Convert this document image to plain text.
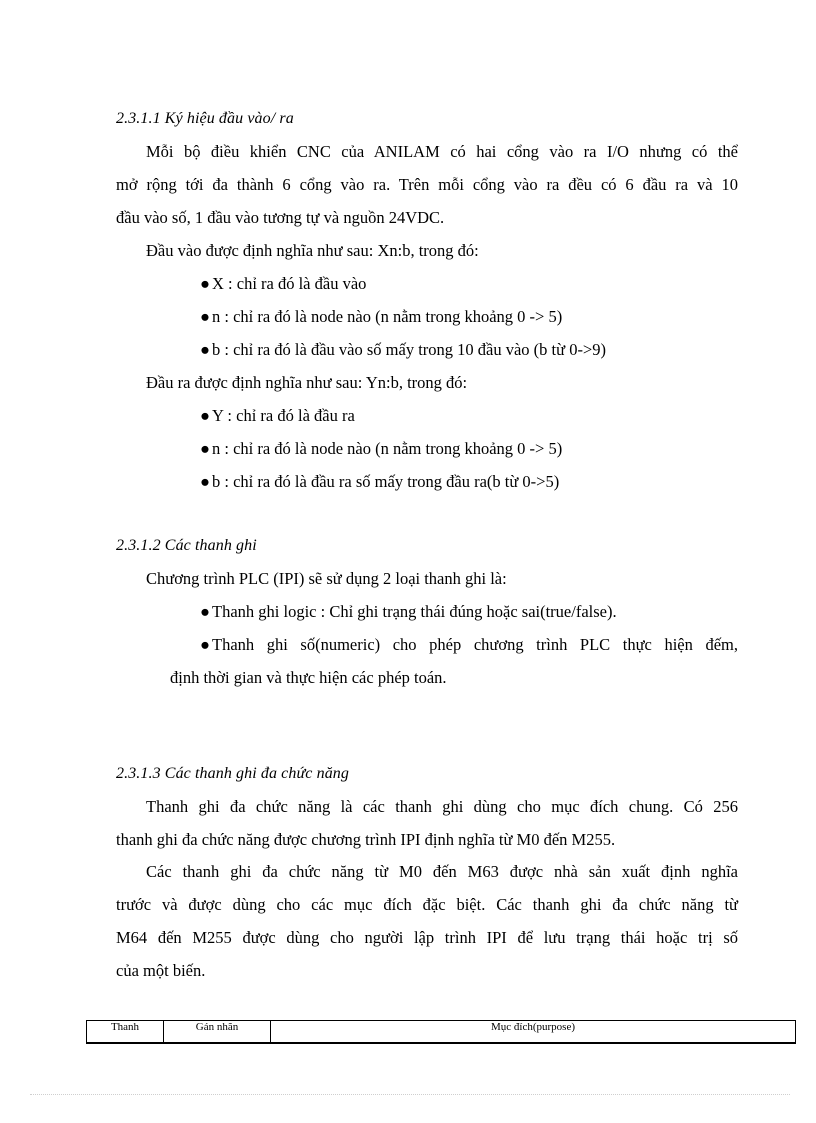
2.3.1.1 Ký hiệu đầu vào/ ra
Mỗi bộ điều khiển CNC của ANILAM có hai cổng vào ra I/O nhưng có thể
mở rộng tới đa thành 6 cổng vào ra. Trên mỗi cổng vào ra đều có 6 đầu ra và 10
đầu vào số, 1 đầu vào tương tự và nguồn 24VDC.
Đầu vào được định nghĩa như sau: Xn:b, trong đó:
● X : chỉ ra đó là đầu vào
● n : chỉ ra đó là node nào (n nằm trong khoảng 0 -> 5)
● b : chỉ ra đó là đầu vào số mấy trong 10 đầu vào (b từ 0->9)
Đầu ra được định nghĩa như sau: Yn:b, trong đó:
● Y : chỉ ra đó là đầu ra
● n : chỉ ra đó là node nào (n nằm trong khoảng 0 -> 5)
● b : chỉ ra đó là đầu ra số mấy trong đầu ra(b từ 0->5)
2.3.1.2 Các thanh ghi
Chương trình PLC (IPI) sẽ sử dụng 2 loại thanh ghi là:
● Thanh ghi logic : Chỉ ghi trạng thái đúng hoặc sai(true/false).
● Thanh ghi số(numeric) cho phép chương trình PLC thực hiện đếm,
định thời gian và thực hiện các phép toán.
2.3.1.3 Các thanh ghi đa chức năng
Thanh ghi đa chức năng là các thanh ghi dùng cho mục đích chung. Có 256
thanh ghi đa chức năng được chương trình IPI định nghĩa từ M0 đến M255.
Các thanh ghi đa chức năng từ M0 đến M63 được nhà sản xuất định nghĩa
trước và được dùng cho các mục đích đặc biệt. Các thanh ghi đa chức năng từ
M64 đến M255 được dùng cho người lập trình IPI để lưu trạng thái hoặc trị số
của một biến.
Thanh	Gán nhãn	Mục đích(purpose)
